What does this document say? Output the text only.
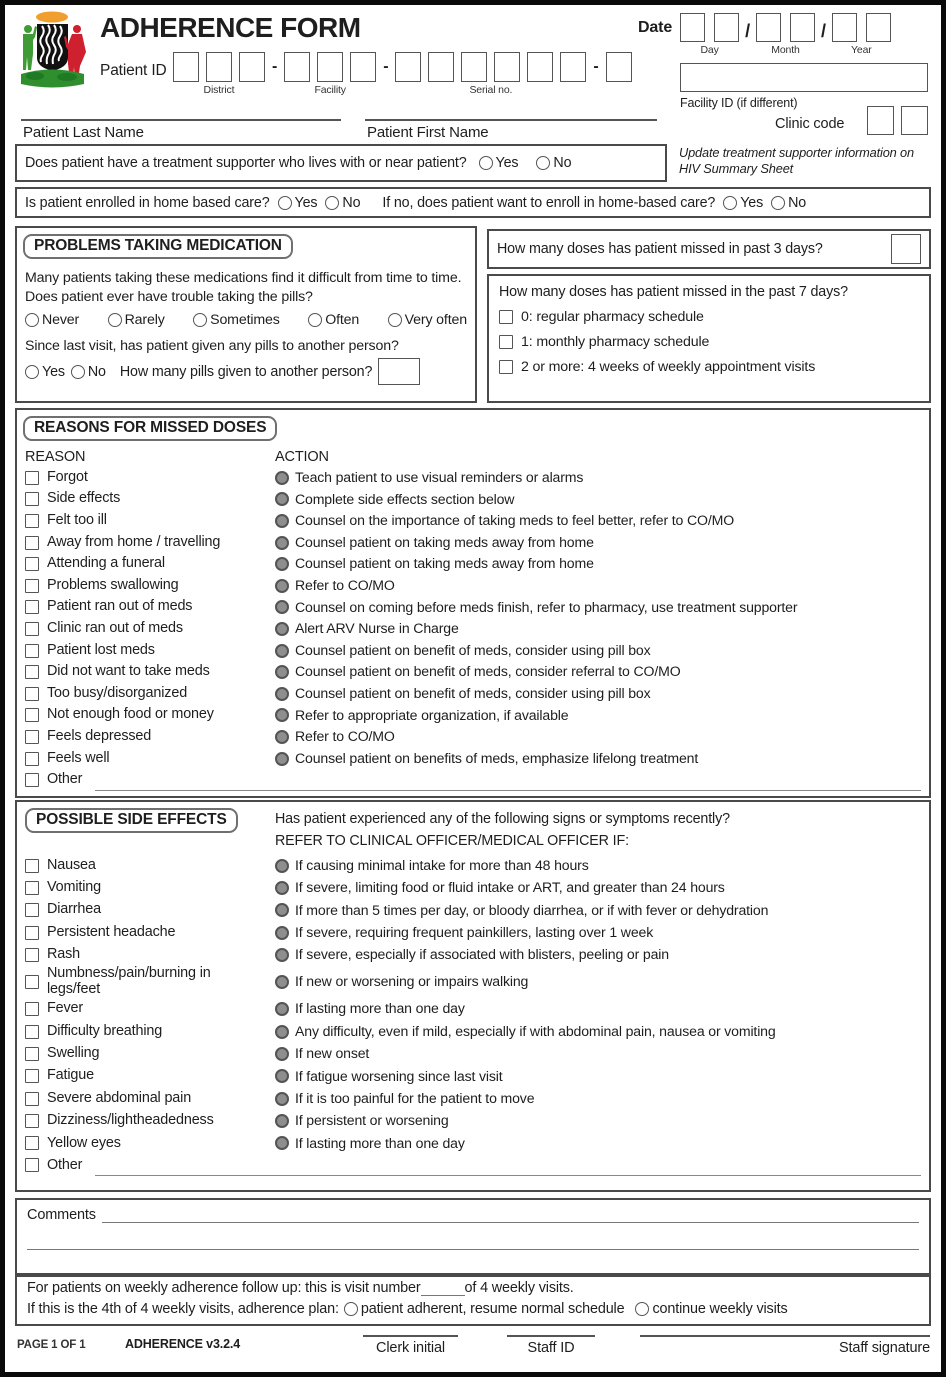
ADHERENCE FORM
Patient ID
District
-
Facility
-
Serial no.
-
Date
Day
/
Month
/
Year
Facility ID (if different)
Clinic code
Patient Last Name	Patient First Name
Does patient have a treatment supporter who lives with or near patient? Yes No
Update treatment supporter information on HIV Summary Sheet
Is patient enrolled in home based care? Yes No If no, does patient want to enroll in home-based care? Yes No
PROBLEMS TAKING MEDICATION
Many patients taking these medications find it difficult from time to time. Does patient ever have trouble taking the pills?
Never	Rarely	Sometimes	Often	Very often
Since last visit, has patient given any pills to another person?
Yes No How many pills given to another person?
How many doses has patient missed in past 3 days?
How many doses has patient missed in the past 7 days?
0: regular pharmacy schedule
1: monthly pharmacy schedule
2 or more: 4 weeks of weekly appointment visits
REASONS FOR MISSED DOSES
REASON	ACTION
Forgot	Teach patient to use visual reminders or alarms
Side effects	Complete side effects section below
Felt too ill	Counsel on the importance of taking meds to feel better, refer to CO/MO
Away from home / travelling	Counsel patient on taking meds away from home
Attending a funeral	Counsel patient on taking meds away from home
Problems swallowing	Refer to CO/MO
Patient ran out of meds	Counsel on coming before meds finish, refer to pharmacy, use treatment supporter
Clinic ran out of meds	Alert ARV Nurse in Charge
Patient lost meds	Counsel patient on benefit of meds, consider using pill box
Did not want to take meds	Counsel patient on benefit of meds, consider referral to CO/MO
Too busy/disorganized	Counsel patient on benefit of meds, consider using pill box
Not enough food or money	Refer to appropriate organization, if available
Feels depressed	Refer to CO/MO
Feels well	Counsel patient on benefits of meds, emphasize lifelong treatment
Other
POSSIBLE SIDE EFFECTS	Has patient experienced any of the following signs or symptoms recently?
REFER TO CLINICAL OFFICER/MEDICAL OFFICER IF:
Nausea	If causing minimal intake for more than 48 hours
Vomiting	If severe, limiting food or fluid intake or ART, and greater than 24 hours
Diarrhea	If more than 5 times per day, or bloody diarrhea, or if with fever or dehydration
Persistent headache	If severe, requiring frequent painkillers, lasting over 1 week
Rash	If severe, especially if associated with blisters, peeling or pain
Numbness/pain/burning in legs/feet	If new or worsening or impairs walking
Fever	If lasting more than one day
Difficulty breathing	Any difficulty, even if mild, especially if with abdominal pain, nausea or vomiting
Swelling	If new onset
Fatigue	If fatigue worsening since last visit
Severe abdominal pain	If it is too painful for the patient to move
Dizziness/lightheadedness	If persistent or worsening
Yellow eyes	If lasting more than one day
Other
Comments
For patients on weekly adherence follow up: this is visit number	of 4 weekly visits.
If this is the 4th of 4 weekly visits, adherence plan: patient adherent, resume normal schedule continue weekly visits
PAGE 1 OF 1	ADHERENCE v3.2.4	Clerk initial	Staff ID	Staff signature
